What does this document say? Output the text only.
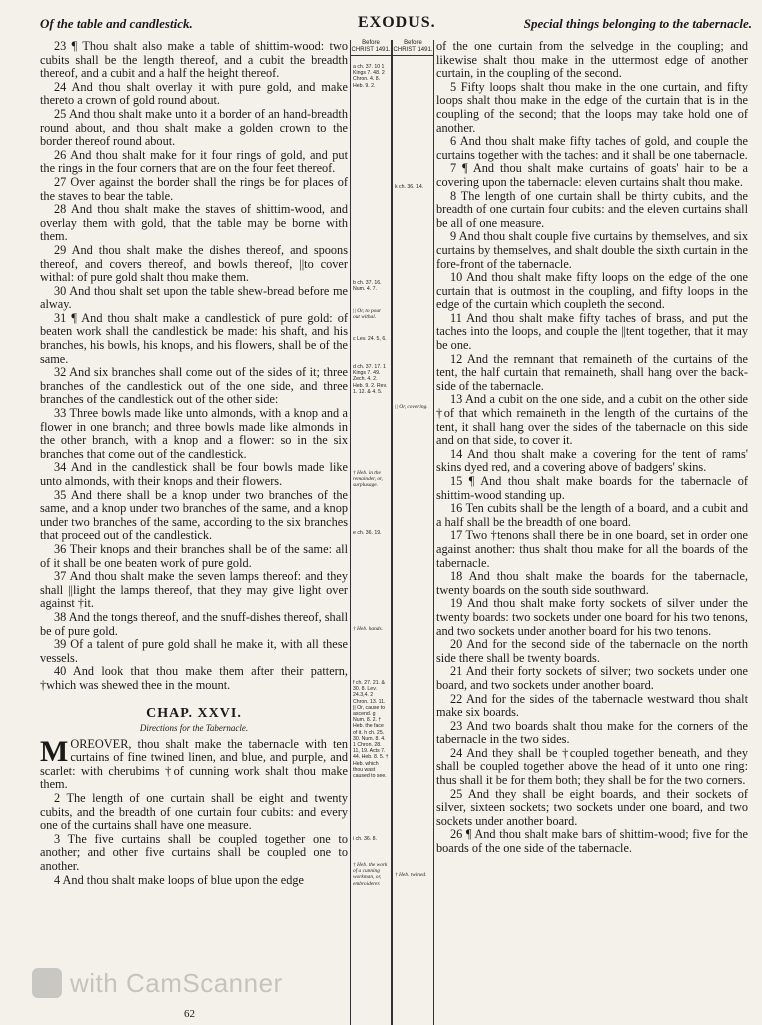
Of the table and candlestick.	EXODUS.	Special things belonging to the tabernacle.

23 ¶ Thou shalt also make a table of shittim-wood: two cubits shall be the length thereof, and a cubit the breadth thereof, and a cubit and a half the height thereof.

24 And thou shalt overlay it with pure gold, and make thereto a crown of gold round about.

25 And thou shalt make unto it a border of an hand-breadth round about, and thou shalt make a golden crown to the border thereof round about.

26 And thou shalt make for it four rings of gold, and put the rings in the four corners that are on the four feet thereof.

27 Over against the border shall the rings be for places of the staves to bear the table.

28 And thou shalt make the staves of shittim-wood, and overlay them with gold, that the table may be borne with them.

29 And thou shalt make the dishes thereof, and spoons thereof, and covers thereof, and bowls thereof, ||to cover withal: of pure gold shalt thou make them.

30 And thou shalt set upon the table shew-bread before me alway.

31 ¶ And thou shalt make a candlestick of pure gold: of beaten work shall the candlestick be made: his shaft, and his branches, his bowls, his knops, and his flowers, shall be of the same.

32 And six branches shall come out of the sides of it; three branches of the candlestick out of the one side, and three branches of the candlestick out of the other side:

33 Three bowls made like unto almonds, with a knop and a flower in one branch; and three bowls made like almonds in the other branch, with a knop and a flower: so in the six branches that come out of the candlestick.

34 And in the candlestick shall be four bowls made like unto almonds, with their knops and their flowers.

35 And there shall be a knop under two branches of the same, and a knop under two branches of the same, and a knop under two branches of the same, according to the six branches that proceed out of the candlestick.

36 Their knops and their branches shall be of the same: all of it shall be one beaten work of pure gold.

37 And thou shalt make the seven lamps thereof: and they shall ||light the lamps thereof, that they may give light over against †it.

38 And the tongs thereof, and the snuff-dishes thereof, shall be of pure gold.

39 Of a talent of pure gold shall he make it, with all these vessels.

40 And look that thou make them after their pattern, †which was shewed thee in the mount.

CHAP. XXVI.
Directions for the Tabernacle.

M OREOVER, thou shalt make the tabernacle with ten curtains of fine twined linen, and blue, and purple, and scarlet: with cherubims †of cunning work shalt thou make them.

2 The length of one curtain shall be eight and twenty cubits, and the breadth of one curtain four cubits: and every one of the curtains shall have one measure.

3 The five curtains shall be coupled together one to another; and other five curtains shall be coupled one to another.

4 And thou shalt make loops of blue upon the edge

Before CHRIST 1491.
a ch. 37. 10 1 Kings 7. 48. 2 Chron. 4. 8. Heb. 9. 2.
b ch. 37. 16. Num. 4. 7.
|| Or, to pour out withal.
c Lev. 24. 5, 6.
d ch. 37. 17. 1 Kings 7. 49. Zech. 4. 2. Heb. 9. 2. Rev. 1. 12. & 4. 5.
† Heb. in the remainder, or, surplusage.
e ch. 36. 19.
† Heb. hands.
f ch. 27. 21. & 30. 8. Lev. 24.3,4. 2 Chron. 13. 11. || Or, cause to ascend. g Num. 8. 2. † Heb. the face of it. h ch. 25. 30. Num. 8. 4. 1 Chron. 28. 11, 19. Acts 7. 44. Heb. 8. 5. † Heb. which thou wast caused to see.
i ch. 36. 8.
† Heb. the work of a cunning workman, or, embroiderer.
Before CHRIST 1491.
k ch. 36. 14.
|| Or, covering.
† Heb. twined.

of the one curtain from the selvedge in the coupling; and likewise shalt thou make in the uttermost edge of another curtain, in the coupling of the second.

5 Fifty loops shalt thou make in the one curtain, and fifty loops shalt thou make in the edge of the curtain that is in the coupling of the second; that the loops may take hold one of another.

6 And thou shalt make fifty taches of gold, and couple the curtains together with the taches: and it shall be one tabernacle.

7 ¶ And thou shalt make curtains of goats' hair to be a covering upon the tabernacle: eleven curtains shalt thou make.

8 The length of one curtain shall be thirty cubits, and the breadth of one curtain four cubits: and the eleven curtains shall be all of one measure.

9 And thou shalt couple five curtains by themselves, and six curtains by themselves, and shalt double the sixth curtain in the fore-front of the tabernacle.

10 And thou shalt make fifty loops on the edge of the one curtain that is outmost in the coupling, and fifty loops in the edge of the curtain which coupleth the second.

11 And thou shalt make fifty taches of brass, and put the taches into the loops, and couple the ||tent together, that it may be one.

12 And the remnant that remaineth of the curtains of the tent, the half curtain that remaineth, shall hang over the back-side of the tabernacle.

13 And a cubit on the one side, and a cubit on the other side †of that which remaineth in the length of the curtains of the tent, it shall hang over the sides of the tabernacle on this side and on that side, to cover it.

14 And thou shalt make a covering for the tent of rams' skins dyed red, and a covering above of badgers' skins.

15 ¶ And thou shalt make boards for the tabernacle of shittim-wood standing up.

16 Ten cubits shall be the length of a board, and a cubit and a half shall be the breadth of one board.

17 Two †tenons shall there be in one board, set in order one against another: thus shalt thou make for all the boards of the tabernacle.

18 And thou shalt make the boards for the tabernacle, twenty boards on the south side southward.

19 And thou shalt make forty sockets of silver under the twenty boards: two sockets under one board for his two tenons, and two sockets under another board for his two tenons.

20 And for the second side of the tabernacle on the north side there shall be twenty boards.

21 And their forty sockets of silver; two sockets under one board, and two sockets under another board.

22 And for the sides of the tabernacle westward thou shalt make six boards.

23 And two boards shalt thou make for the corners of the tabernacle in the two sides.

24 And they shall be †coupled together beneath, and they shall be coupled together above the head of it unto one ring: thus shall it be for them both; they shall be for the two corners.

25 And they shall be eight boards, and their sockets of silver, sixteen sockets; two sockets under one board, and two sockets under another board.

26 ¶ And thou shalt make bars of shittim-wood; five for the boards of the one side of the tabernacle.

with CamScanner
62
